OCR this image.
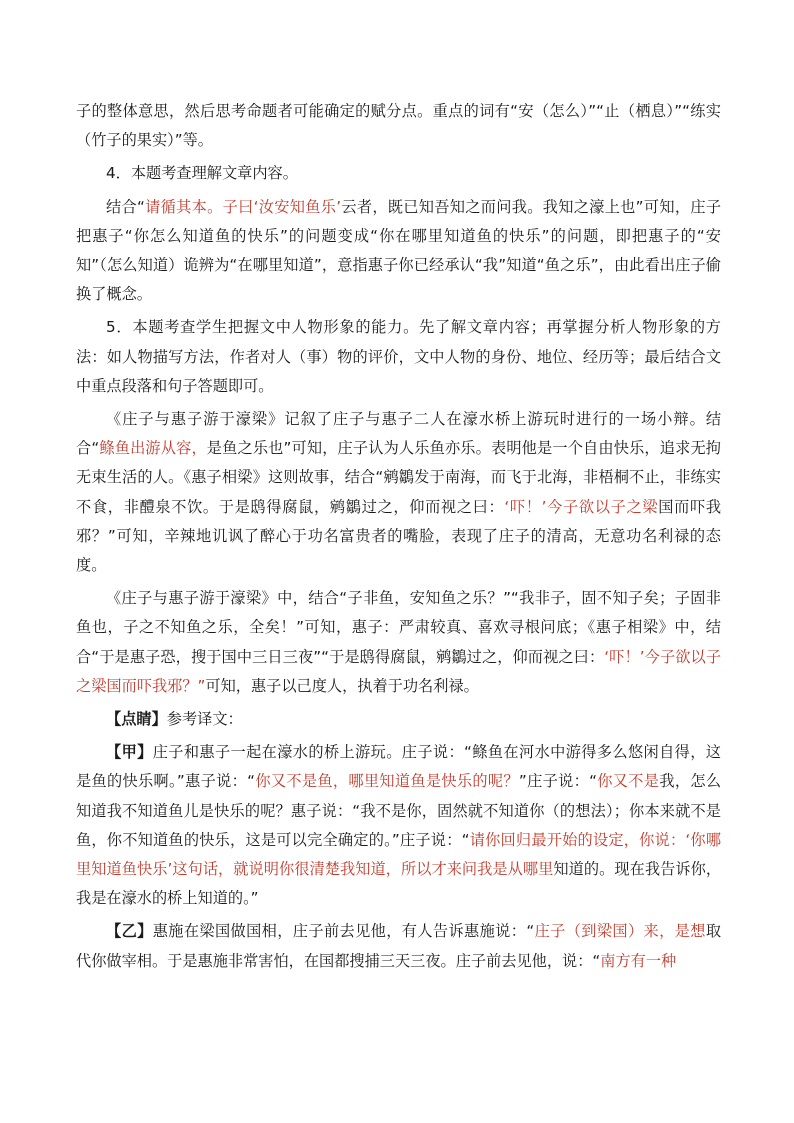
子的整体意思，然后思考命题者可能确定的赋分点。重点的词有“安（怎么）”“止（栖息）”“练实（竹子的果实）”等。

4．本题考查理解文章内容。

结合“请循其本。子曰‘汝安知鱼乐’云者，既已知吾知之而问我。我知之濠上也”可知，庄子把惠子“你怎么知道鱼的快乐”的问题变成“你在哪里知道鱼的快乐”的问题，即把惠子的“安知”（怎么知道）诡辨为“在哪里知道”，意指惠子你已经承认“我”知道“鱼之乐”，由此看出庄子偷换了概念。

5．本题考查学生把握文中人物形象的能力。先了解文章内容；再掌握分析人物形象的方法：如人物描写方法，作者对人（事）物的评价，文中人物的身份、地位、经历等；最后结合文中重点段落和句子答题即可。

《庄子与惠子游于濠梁》记叙了庄子与惠子二人在濠水桥上游玩时进行的一场小辩。结合“鲦鱼出游从容，是鱼之乐也”可知，庄子认为人乐鱼亦乐。表明他是一个自由快乐，追求无拘无束生活的人。《惠子相梁》这则故事，结合“鹓鶵发于南海，而飞于北海，非梧桐不止，非练实不食，非醴泉不饮。于是鸱得腐鼠，鹓鶵过之，仰而视之曰：‘吓！’今子欲以子之梁国而吓我邪？”可知，辛辣地讥讽了醉心于功名富贵者的嘴脸，表现了庄子的清高，无意功名利禄的态度。

《庄子与惠子游于濠梁》中，结合“子非鱼，安知鱼之乐？”“我非子，固不知子矣；子固非鱼也，子之不知鱼之乐，全矣！”可知，惠子：严肃较真、喜欢寻根问底；《惠子相梁》中，结合“于是惠子恐，搜于国中三日三夜”“于是鸱得腐鼠，鹓鶵过之，仰而视之曰：‘吓！’今子欲以子之梁国而吓我邪？”可知，惠子以己度人，执着于功名利禄。

【点睛】参考译文：

【甲】庄子和惠子一起在濠水的桥上游玩。庄子说：“鲦鱼在河水中游得多么悠闲自得，这是鱼的快乐啊。”惠子说：“你又不是鱼，哪里知道鱼是快乐的呢？”庄子说：“你又不是我，怎么知道我不知道鱼儿是快乐的呢？惠子说：“我不是你，固然就不知道你（的想法）；你本来就不是鱼，你不知道鱼的快乐，这是可以完全确定的。”庄子说：“请你回归最开始的设定，你说：‘你哪里知道鱼快乐’这句话，就说明你很清楚我知道，所以才来问我是从哪里知道的。现在我告诉你，我是在濠水的桥上知道的。”

【乙】惠施在梁国做国相，庄子前去见他，有人告诉惠施说：“庄子（到梁国）来，是想取代你做宰相。于是惠施非常害怕，在国都搜捕三天三夜。庄子前去见他，说：“南方有一种
